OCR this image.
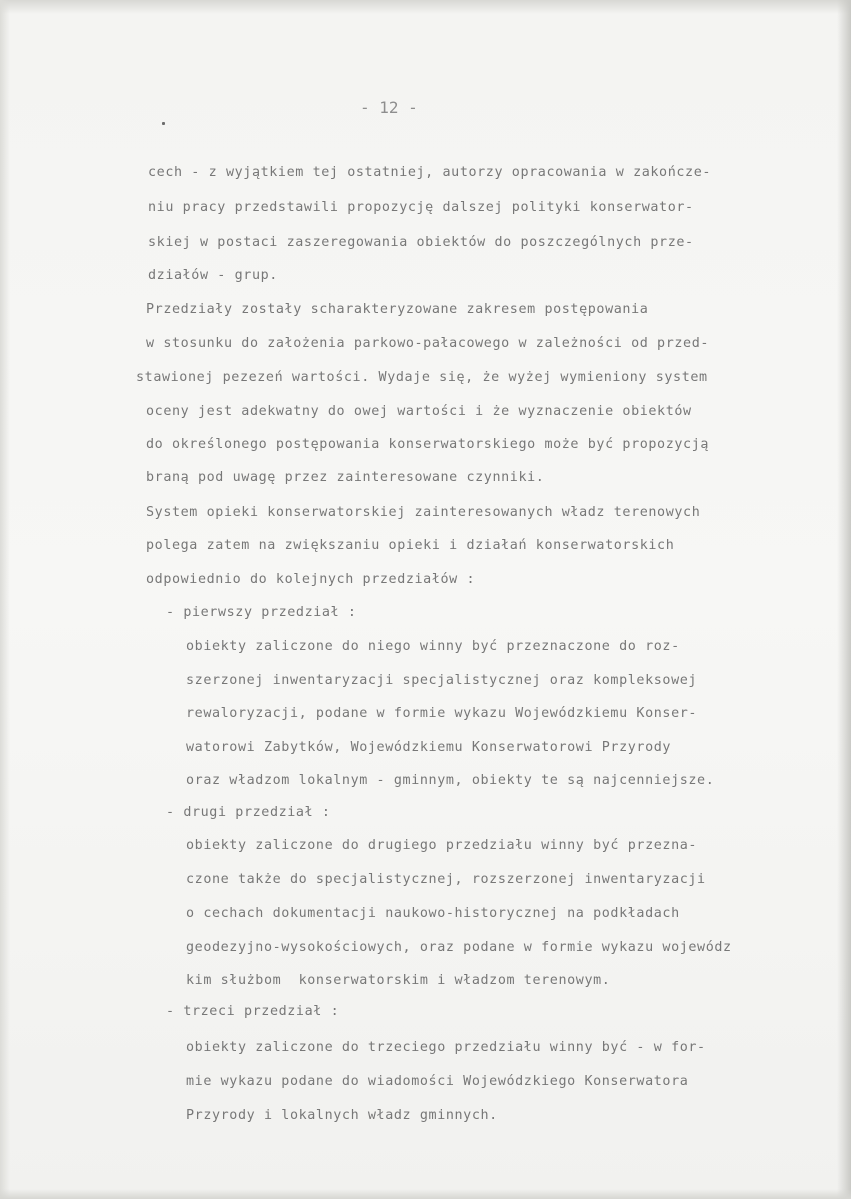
- 12 -
cech - z wyjątkiem tej ostatniej, autorzy opracowania w zakończe-
niu pracy przedstawili propozycję dalszej polityki konserwator-
skiej w postaci zaszeregowania obiektów do poszczególnych prze-
działów - grup.
Przedziały zostały scharakteryzowane zakresem postępowania
w stosunku do założenia parkowo-pałacowego w zależności od przed-
stawionej pezezeń wartości. Wydaje się, że wyżej wymieniony system
oceny jest adekwatny do owej wartości i że wyznaczenie obiektów
do określonego postępowania konserwatorskiego może być propozycją
braną pod uwagę przez zainteresowane czynniki.
System opieki konserwatorskiej zainteresowanych władz terenowych
polega zatem na zwiększaniu opieki i działań konserwatorskich
odpowiednio do kolejnych przedziałów :
- pierwszy przedział :
obiekty zaliczone do niego winny być przeznaczone do roz-
szerzonej inwentaryzacji specjalistycznej oraz kompleksowej
rewaloryzacji, podane w formie wykazu Wojewódzkiemu Konser-
watorowi Zabytków, Wojewódzkiemu Konserwatorowi Przyrody
oraz władzom lokalnym - gminnym, obiekty te są najcenniejsze.
- drugi przedział :
obiekty zaliczone do drugiego przedziału winny być przezna-
czone także do specjalistycznej, rozszerzonej inwentaryzacji
o cechach dokumentacji naukowo-historycznej na podkładach
geodezyjno-wysokościowych, oraz podane w formie wykazu wojewódz
kim służbom  konserwatorskim i władzom terenowym.
- trzeci przedział :
obiekty zaliczone do trzeciego przedziału winny być - w for-
mie wykazu podane do wiadomości Wojewódzkiego Konserwatora
Przyrody i lokalnych władz gminnych.
